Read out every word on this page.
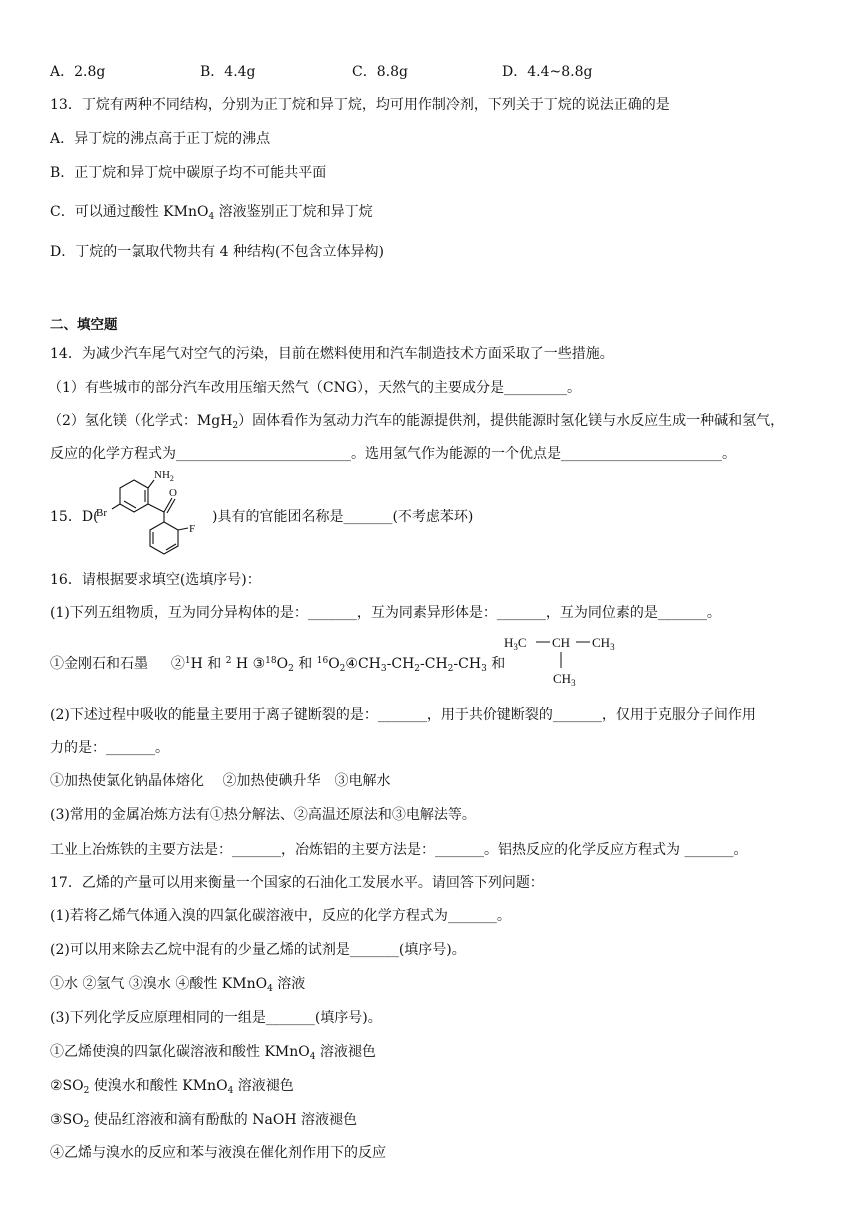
A．2.8g	B．4.4g	C．8.8g	D．4.4~8.8g
13．丁烷有两种不同结构，分别为正丁烷和异丁烷，均可用作制冷剂，下列关于丁烷的说法正确的是
A．异丁烷的沸点高于正丁烷的沸点
B．正丁烷和异丁烷中碳原子均不可能共平面
C．可以通过酸性 KMnO$_4$ 溶液鉴别正丁烷和异丁烷
D．丁烷的一氯取代物共有 4 种结构(不包含立体异构)
二、填空题
14．为减少汽车尾气对空气的污染，目前在燃料使用和汽车制造技术方面采取了一些措施。
（1）有些城市的部分汽车改用压缩天然气（CNG），天然气的主要成分是_________。
（2）氢化镁（化学式：MgH$_2$）固体看作为氢动力汽车的能源提供剂，提供能源时氢化镁与水反应生成一种碱和氢气，
反应的化学方程式为_________________________。选用氢气作为能源的一个优点是_______________________。
15．D(
$NH_2$
O
Br
F
)具有的官能团名称是_______(不考虑苯环)
16．请根据要求填空(选填序号)：
(1)下列五组物质，互为同分异构体的是：_______，互为同素异形体是：_______，互为同位素的是_______。
①金刚石和石墨　 ②$^1$H 和 $^2$ H $③^{18}O_2$ 和 $^{16}O_2④CH_3-CH_2-CH_2-CH_3$ 和
$H_3C$ CH $CH_3$
$CH_3$
(2)下述过程中吸收的能量主要用于离子键断裂的是：_______，用于共价键断裂的_______，仅用于克服分子间作用
力的是：_______。
①加热使氯化钠晶体熔化　 ②加热使碘升华　③电解水
(3)常用的金属冶炼方法有①热分解法、②高温还原法和③电解法等。
工业上冶炼铁的主要方法是：_______，冶炼铝的主要方法是：_______。铝热反应的化学反应方程式为 _______。
17．乙烯的产量可以用来衡量一个国家的石油化工发展水平。请回答下列问题：
(1)若将乙烯气体通入溴的四氯化碳溶液中，反应的化学方程式为_______。
(2)可以用来除去乙烷中混有的少量乙烯的试剂是_______(填序号)。
①水 ②氢气 ③溴水 ④酸性 KMnO$_4$ 溶液
(3)下列化学反应原理相同的一组是_______(填序号)。
①乙烯使溴的四氯化碳溶液和酸性 KMnO$_4$ 溶液褪色
$②SO_2$ 使溴水和酸性 KMnO$_4$ 溶液褪色
$③SO_2$ 使品红溶液和滴有酚酞的 NaOH 溶液褪色
④乙烯与溴水的反应和苯与液溴在催化剂作用下的反应
